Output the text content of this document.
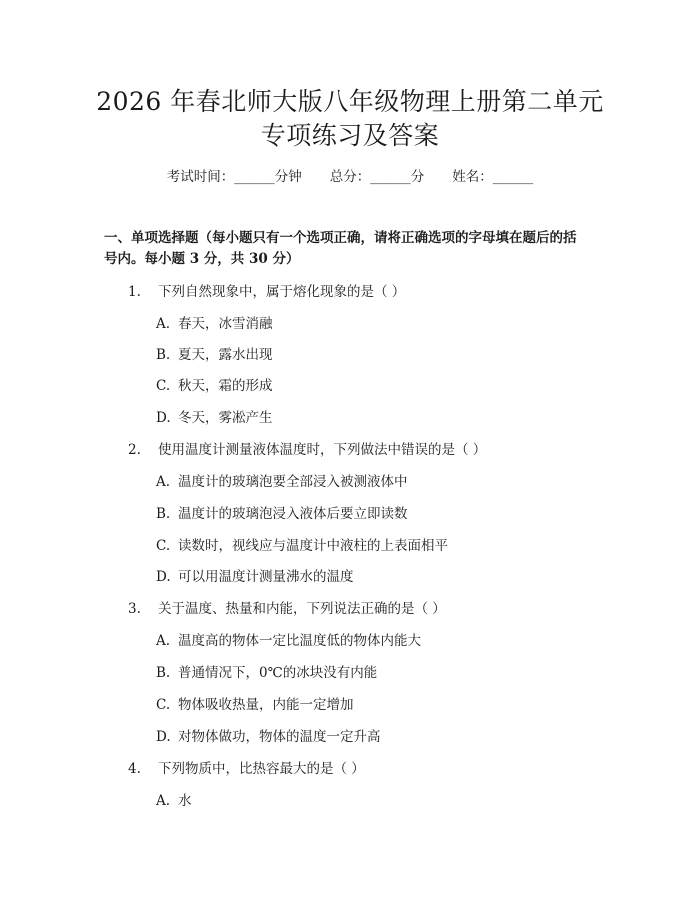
2026 年春北师大版八年级物理上册第二单元
专项练习及答案
考试时间：______分钟 总分：______分 姓名：______
一、单项选择题（每小题只有一个选项正确，请将正确选项的字母填在题后的括
号内。每小题 3 分，共 30 分）
1. 下列自然现象中，属于熔化现象的是（ ）
A. 春天，冰雪消融
B. 夏天，露水出现
C. 秋天，霜的形成
D. 冬天，雾凇产生
2. 使用温度计测量液体温度时，下列做法中错误的是（ ）
A. 温度计的玻璃泡要全部浸入被测液体中
B. 温度计的玻璃泡浸入液体后要立即读数
C. 读数时，视线应与温度计中液柱的上表面相平
D. 可以用温度计测量沸水的温度
3. 关于温度、热量和内能，下列说法正确的是（ ）
A. 温度高的物体一定比温度低的物体内能大
B. 普通情况下，0℃的冰块没有内能
C. 物体吸收热量，内能一定增加
D. 对物体做功，物体的温度一定升高
4. 下列物质中，比热容最大的是（ ）
A. 水
